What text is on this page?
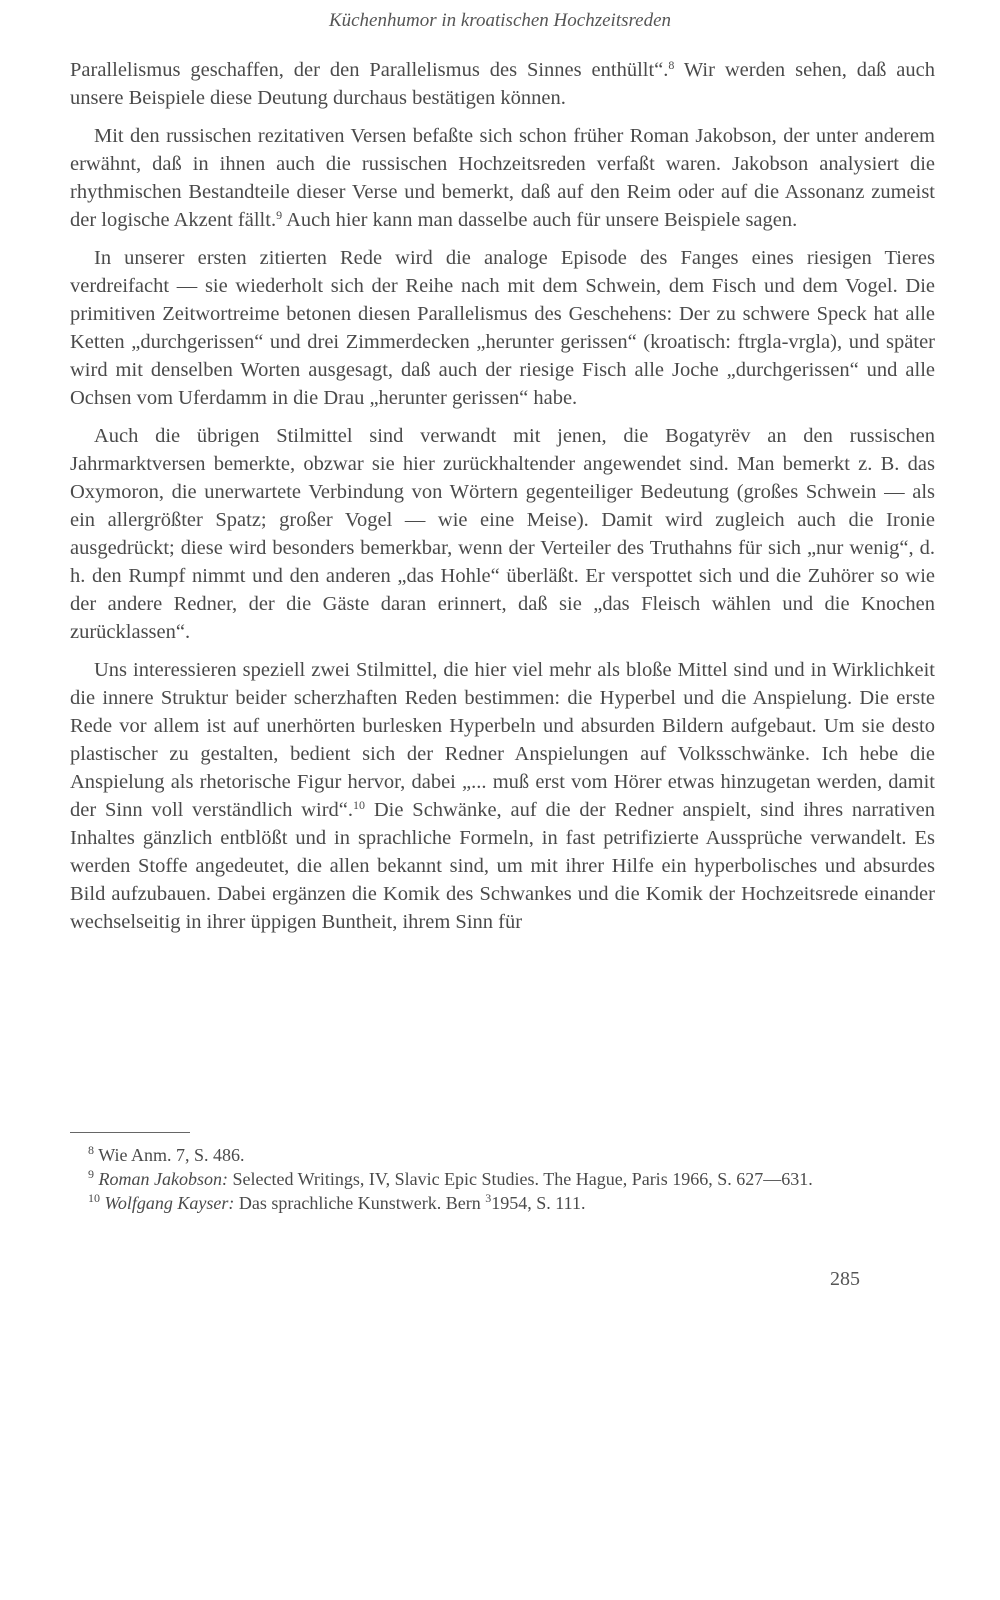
Küchenhumor in kroatischen Hochzeitsreden

Parallelismus geschaffen, der den Parallelismus des Sinnes enthüllt“.$^8$ Wir werden sehen, daß auch unsere Beispiele diese Deutung durchaus bestätigen können.

Mit den russischen rezitativen Versen befaßte sich schon früher Roman Jakobson, der unter anderem erwähnt, daß in ihnen auch die russischen Hochzeitsreden verfaßt waren. Jakobson analysiert die rhythmischen Bestandteile dieser Verse und bemerkt, daß auf den Reim oder auf die Assonanz zumeist der logische Akzent fällt.$^9$ Auch hier kann man dasselbe auch für unsere Beispiele sagen.

In unserer ersten zitierten Rede wird die analoge Episode des Fanges eines riesigen Tieres verdreifacht — sie wiederholt sich der Reihe nach mit dem Schwein, dem Fisch und dem Vogel. Die primitiven Zeitwortreime betonen diesen Parallelismus des Geschehens: Der zu schwere Speck hat alle Ketten „durchgerissen“ und drei Zimmerdecken „herunter gerissen“ (kroatisch: ftrgla-vrgla), und später wird mit denselben Worten ausgesagt, daß auch der riesige Fisch alle Joche „durchgerissen“ und alle Ochsen vom Uferdamm in die Drau „herunter gerissen“ habe.

Auch die übrigen Stilmittel sind verwandt mit jenen, die Bogatyrëv an den russischen Jahrmarktversen bemerkte, obzwar sie hier zurückhaltender angewendet sind. Man bemerkt z. B. das Oxymoron, die unerwartete Verbindung von Wörtern gegenteiliger Bedeutung (großes Schwein — als ein allergrößter Spatz; großer Vogel — wie eine Meise). Damit wird zugleich auch die Ironie ausgedrückt; diese wird besonders bemerkbar, wenn der Verteiler des Truthahns für sich „nur wenig“, d. h. den Rumpf nimmt und den anderen „das Hohle“ überläßt. Er verspottet sich und die Zuhörer so wie der andere Redner, der die Gäste daran erinnert, daß sie „das Fleisch wählen und die Knochen zurücklassen“.

Uns interessieren speziell zwei Stilmittel, die hier viel mehr als bloße Mittel sind und in Wirklichkeit die innere Struktur beider scherzhaften Reden bestimmen: die Hyperbel und die Anspielung. Die erste Rede vor allem ist auf unerhörten burlesken Hyperbeln und absurden Bildern aufgebaut. Um sie desto plastischer zu gestalten, bedient sich der Redner Anspielungen auf Volksschwänke. Ich hebe die Anspielung als rhetorische Figur hervor, dabei „... muß erst vom Hörer etwas hinzugetan werden, damit der Sinn voll verständlich wird“.$^{10}$ Die Schwänke, auf die der Redner anspielt, sind ihres narrativen Inhaltes gänzlich entblößt und in sprachliche Formeln, in fast petrifizierte Aussprüche verwandelt. Es werden Stoffe angedeutet, die allen bekannt sind, um mit ihrer Hilfe ein hyperbolisches und absurdes Bild aufzubauen. Dabei ergänzen die Komik des Schwankes und die Komik der Hochzeitsrede einander wechselseitig in ihrer üppigen Buntheit, ihrem Sinn für

$^8$ Wie Anm. 7, S. 486.

$^9$ Roman Jakobson: Selected Writings, IV, Slavic Epic Studies. The Hague, Paris 1966, S. 627—631.

$^{10}$ Wolfgang Kayser: Das sprachliche Kunstwerk. Bern $^3$1954, S. 111.

285
